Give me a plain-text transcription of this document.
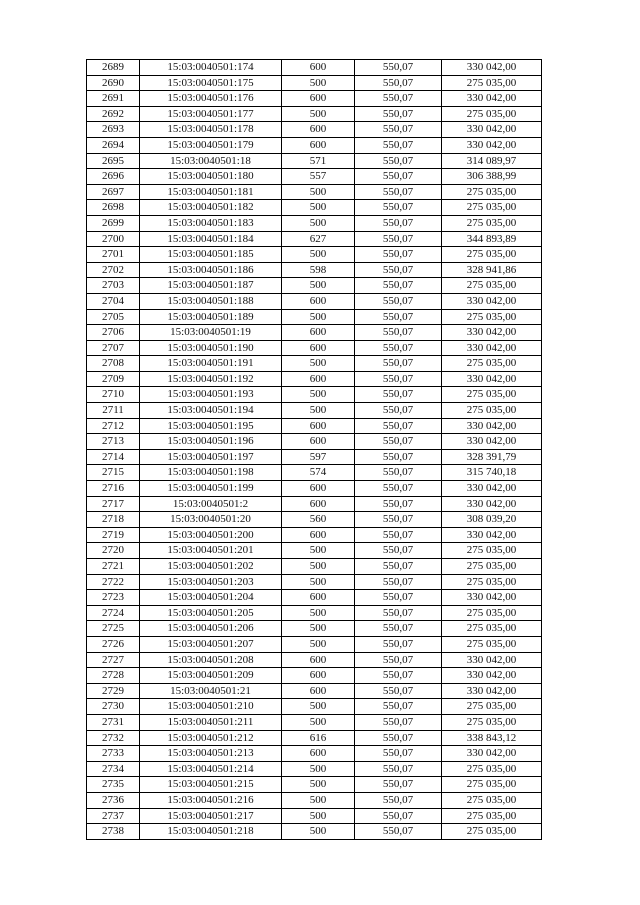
2689	15:03:0040501:174	600	550,07	330 042,00
2690	15:03:0040501:175	500	550,07	275 035,00
2691	15:03:0040501:176	600	550,07	330 042,00
2692	15:03:0040501:177	500	550,07	275 035,00
2693	15:03:0040501:178	600	550,07	330 042,00
2694	15:03:0040501:179	600	550,07	330 042,00
2695	15:03:0040501:18	571	550,07	314 089,97
2696	15:03:0040501:180	557	550,07	306 388,99
2697	15:03:0040501:181	500	550,07	275 035,00
2698	15:03:0040501:182	500	550,07	275 035,00
2699	15:03:0040501:183	500	550,07	275 035,00
2700	15:03:0040501:184	627	550,07	344 893,89
2701	15:03:0040501:185	500	550,07	275 035,00
2702	15:03:0040501:186	598	550,07	328 941,86
2703	15:03:0040501:187	500	550,07	275 035,00
2704	15:03:0040501:188	600	550,07	330 042,00
2705	15:03:0040501:189	500	550,07	275 035,00
2706	15:03:0040501:19	600	550,07	330 042,00
2707	15:03:0040501:190	600	550,07	330 042,00
2708	15:03:0040501:191	500	550,07	275 035,00
2709	15:03:0040501:192	600	550,07	330 042,00
2710	15:03:0040501:193	500	550,07	275 035,00
2711	15:03:0040501:194	500	550,07	275 035,00
2712	15:03:0040501:195	600	550,07	330 042,00
2713	15:03:0040501:196	600	550,07	330 042,00
2714	15:03:0040501:197	597	550,07	328 391,79
2715	15:03:0040501:198	574	550,07	315 740,18
2716	15:03:0040501:199	600	550,07	330 042,00
2717	15:03:0040501:2	600	550,07	330 042,00
2718	15:03:0040501:20	560	550,07	308 039,20
2719	15:03:0040501:200	600	550,07	330 042,00
2720	15:03:0040501:201	500	550,07	275 035,00
2721	15:03:0040501:202	500	550,07	275 035,00
2722	15:03:0040501:203	500	550,07	275 035,00
2723	15:03:0040501:204	600	550,07	330 042,00
2724	15:03:0040501:205	500	550,07	275 035,00
2725	15:03:0040501:206	500	550,07	275 035,00
2726	15:03:0040501:207	500	550,07	275 035,00
2727	15:03:0040501:208	600	550,07	330 042,00
2728	15:03:0040501:209	600	550,07	330 042,00
2729	15:03:0040501:21	600	550,07	330 042,00
2730	15:03:0040501:210	500	550,07	275 035,00
2731	15:03:0040501:211	500	550,07	275 035,00
2732	15:03:0040501:212	616	550,07	338 843,12
2733	15:03:0040501:213	600	550,07	330 042,00
2734	15:03:0040501:214	500	550,07	275 035,00
2735	15:03:0040501:215	500	550,07	275 035,00
2736	15:03:0040501:216	500	550,07	275 035,00
2737	15:03:0040501:217	500	550,07	275 035,00
2738	15:03:0040501:218	500	550,07	275 035,00
